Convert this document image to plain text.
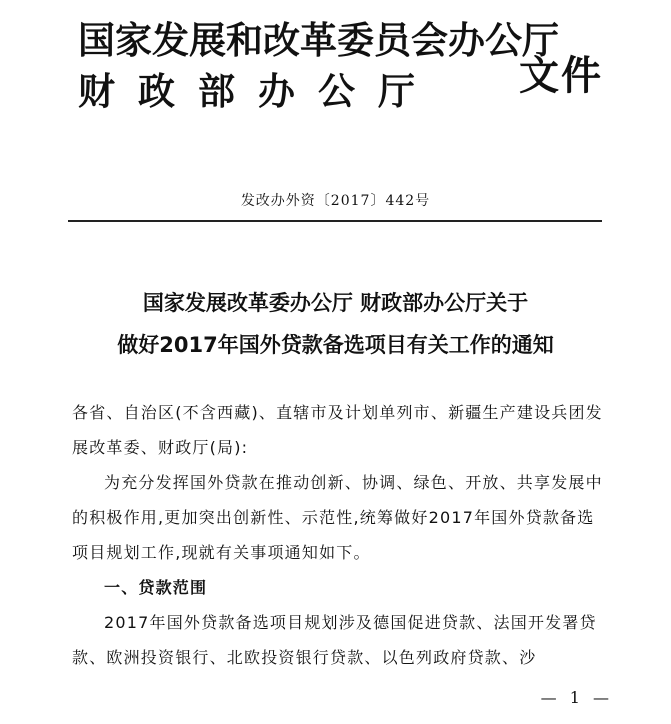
国家发展和改革委员会办公厅
财政部办公厅	文件
发改办外资〔2017〕442号
国家发展改革委办公厅 财政部办公厅关于
做好2017年国外贷款备选项目有关工作的通知

各省、自治区(不含西藏)、直辖市及计划单列市、新疆生产建设兵团发展改革委、财政厅(局):

为充分发挥国外贷款在推动创新、协调、绿色、开放、共享发展中的积极作用,更加突出创新性、示范性,统筹做好2017年国外贷款备选项目规划工作,现就有关事项通知如下。

一、贷款范围

2017年国外贷款备选项目规划涉及德国促进贷款、法国开发署贷款、欧洲投资银行、北欧投资银行贷款、以色列政府贷款、沙

— 1 —
